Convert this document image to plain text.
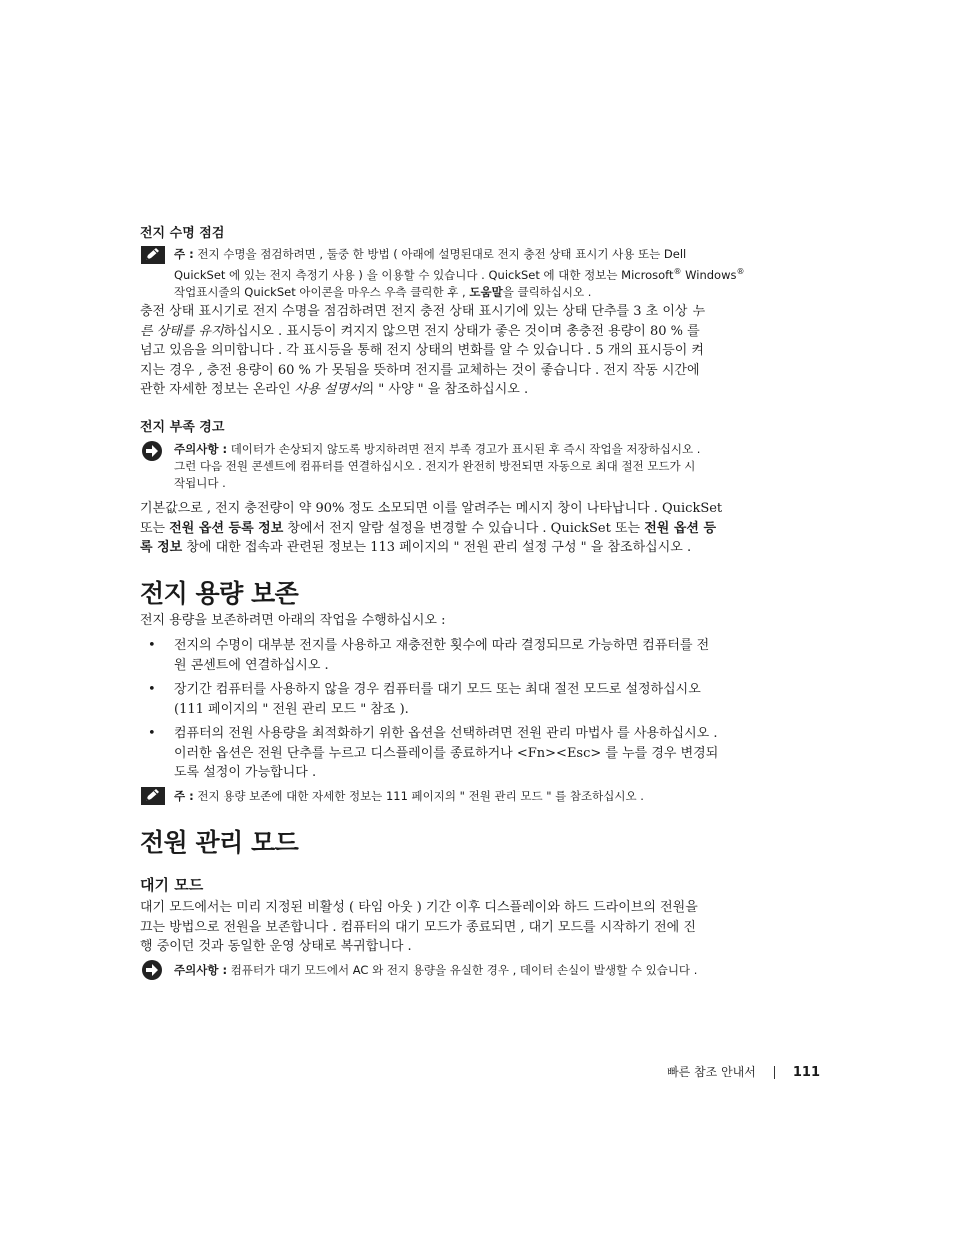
전지 수명 점검
주 : 전지 수명을 점검하려면 , 둘중 한 방법 ( 아래에 설명된대로 전지 충전 상태 표시기 사용 또는 Dell
QuickSet 에 있는 전지 측정기 사용 ) 을 이용할 수 있습니다 . QuickSet 에 대한 정보는 Microsoft® Windows®
작업표시줄의 QuickSet 아이콘을 마우스 우측 클릭한 후 , 도움말을 클릭하십시오 .
충전 상태 표시기로 전지 수명을 점검하려면 전지 충전 상태 표시기에 있는 상태 단추를 3 초 이상 누
른 상태를 유지하십시오 . 표시등이 켜지지 않으면 전지 상태가 좋은 것이며 총충전 용량이 80 % 를
넘고 있음을 의미합니다 . 각 표시등을 통해 전지 상태의 변화를 알 수 있습니다 . 5 개의 표시등이 켜
지는 경우 , 충전 용량이 60 % 가 못됨을 뜻하며 전지를 교체하는 것이 좋습니다 . 전지 작동 시간에
관한 자세한 정보는 온라인 사용 설명서의 " 사양 " 을 참조하십시오 .
전지 부족 경고
주의사항 : 데이터가 손상되지 않도록 방지하려면 전지 부족 경고가 표시된 후 즉시 작업을 저장하십시오 .
그런 다음 전원 콘센트에 컴퓨터를 연결하십시오 . 전지가 완전히 방전되면 자동으로 최대 절전 모드가 시
작됩니다 .
기본값으로 , 전지 충전량이 약 90% 정도 소모되면 이를 알려주는 메시지 창이 나타납니다 . QuickSet
또는 전원 옵션 등록 정보 창에서 전지 알람 설정을 변경할 수 있습니다 . QuickSet 또는 전원 옵션 등
록 정보 창에 대한 접속과 관련된 정보는 113 페이지의 " 전원 관리 설정 구성 " 을 참조하십시오 .
전지 용량 보존
전지 용량을 보존하려면 아래의 작업을 수행하십시오 :
• 전지의 수명이 대부분 전지를 사용하고 재충전한 횟수에 따라 결정되므로 가능하면 컴퓨터를 전
원 콘센트에 연결하십시오 .
• 장기간 컴퓨터를 사용하지 않을 경우 컴퓨터를 대기 모드 또는 최대 절전 모드로 설정하십시오
(111 페이지의 " 전원 관리 모드 " 참조 ).
• 컴퓨터의 전원 사용량을 최적화하기 위한 옵션을 선택하려면 전원 관리 마법사 를 사용하십시오 .
이러한 옵션은 전원 단추를 누르고 디스플레이를 종료하거나 <Fn><Esc> 를 누를 경우 변경되
도록 설정이 가능합니다 .
주 : 전지 용량 보존에 대한 자세한 정보는 111 페이지의 " 전원 관리 모드 " 를 참조하십시오 .
전원 관리 모드
대기 모드
대기 모드에서는 미리 지정된 비활성 ( 타임 아웃 ) 기간 이후 디스플레이와 하드 드라이브의 전원을
끄는 방법으로 전원을 보존합니다 . 컴퓨터의 대기 모드가 종료되면 , 대기 모드를 시작하기 전에 진
행 중이던 것과 동일한 운영 상태로 복귀합니다 .
주의사항 : 컴퓨터가 대기 모드에서 AC 와 전지 용량을 유실한 경우 , 데이터 손실이 발생할 수 있습니다 .
빠른 참조 안내서	111
